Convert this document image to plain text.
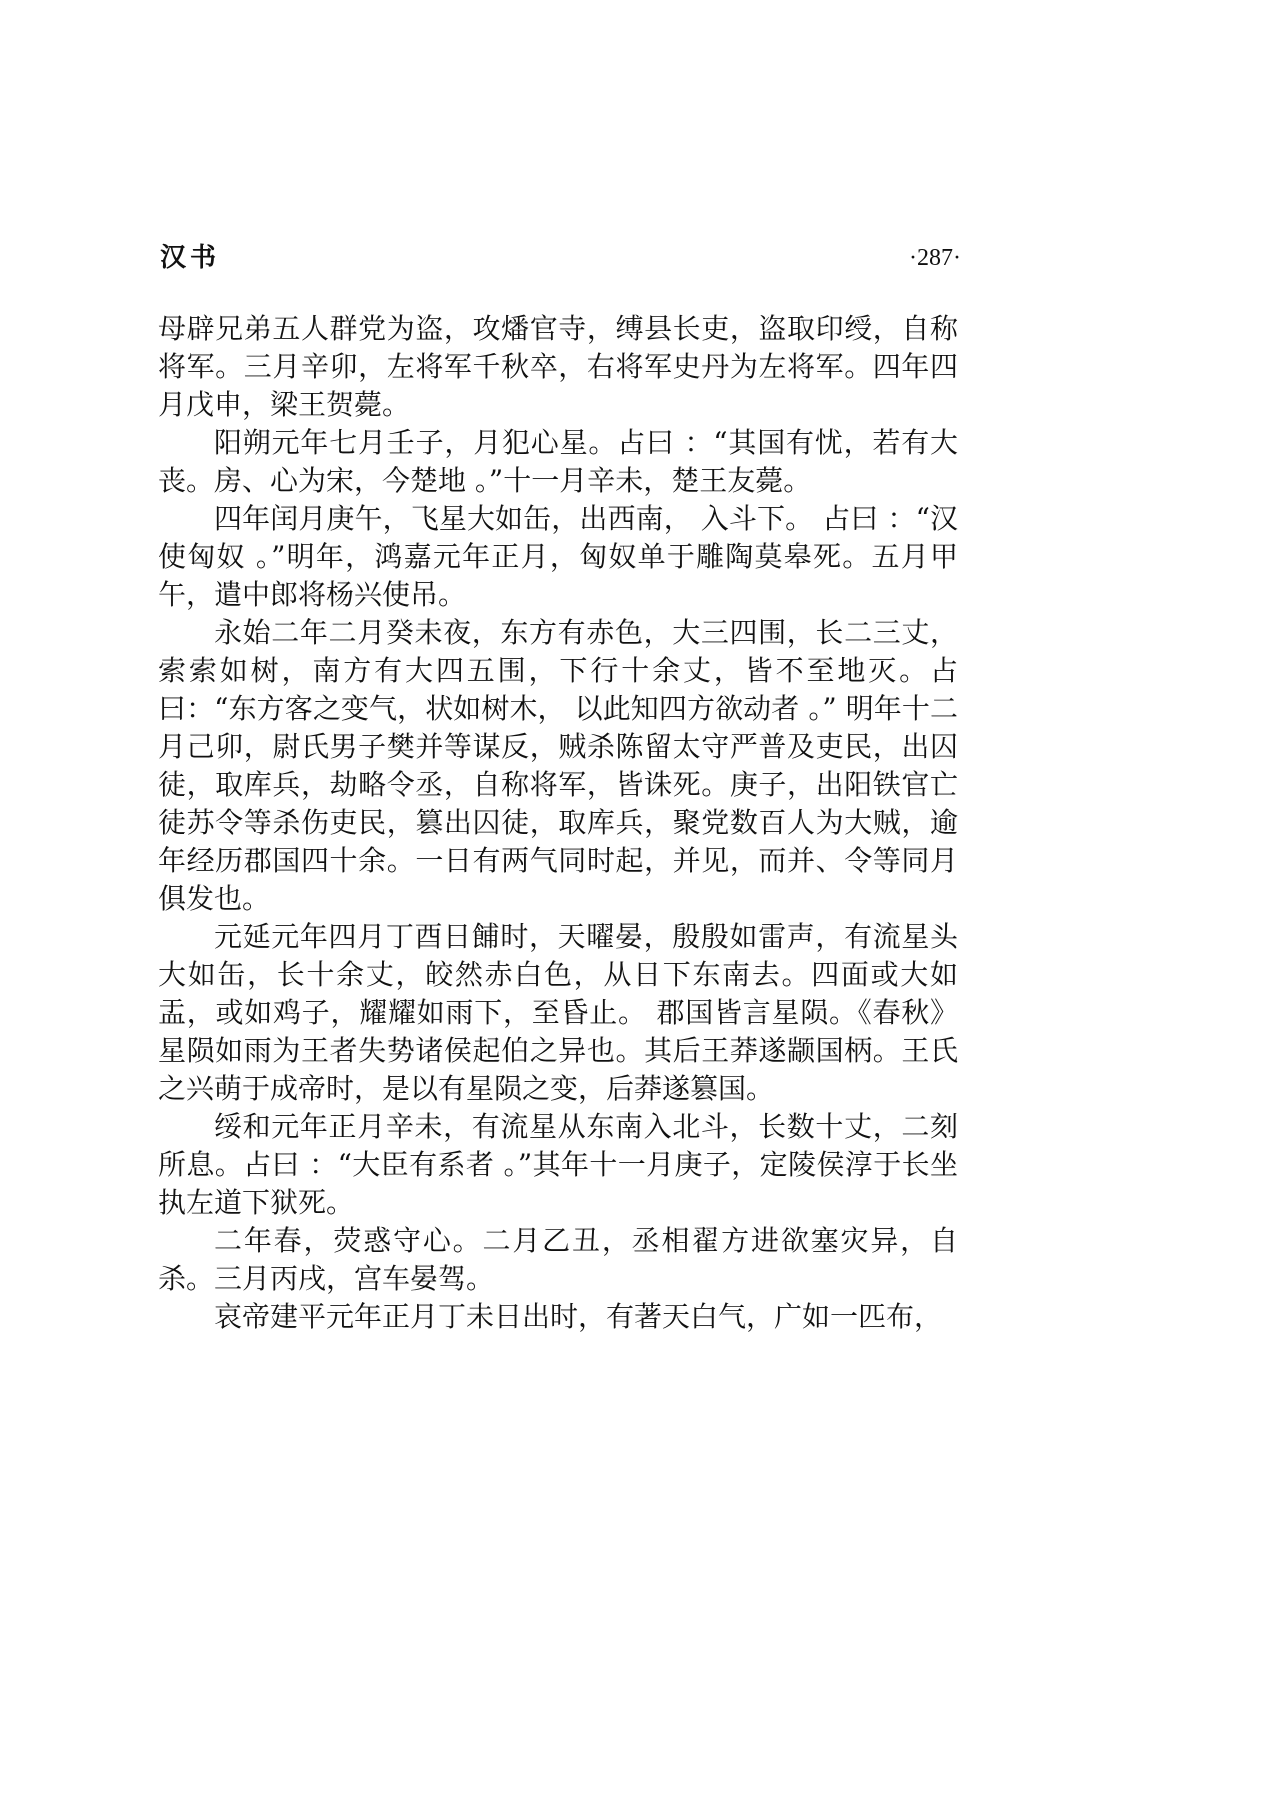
汉书	·287·

母辟兄弟五人群党为盗，攻燔官寺，缚县长吏，盗取印绶，自称将军。三月辛卯，左将军千秋卒，右将军史丹为左将军。四年四月戊申，梁王贺薨。

阳朔元年七月壬子，月犯心星。占曰 ：“其国有忧，若有大丧。房、心为宋，今楚地 。”十一月辛未，楚王友薨。

四年闰月庚午，飞星大如缶，出西南， 入斗下。 占曰 ：“汉使匈奴 。”明年，鸿嘉元年正月，匈奴单于雕陶莫皋死。五月甲午，遣中郎将杨兴使吊。

永始二年二月癸未夜，东方有赤色，大三四围，长二三丈，索索如树，南方有大四五围，下行十余丈，皆不至地灭。占曰：“东方客之变气，状如树木， 以此知四方欲动者 。” 明年十二月己卯，尉氏男子樊并等谋反，贼杀陈留太守严普及吏民，出囚徒，取库兵，劫略令丞，自称将军，皆诛死。庚子，出阳铁官亡徒苏令等杀伤吏民，篡出囚徒，取库兵，聚党数百人为大贼，逾年经历郡国四十余。一日有两气同时起，并见，而并、令等同月俱发也。

元延元年四月丁酉日餔时，天曜晏，殷殷如雷声，有流星头大如缶，长十余丈，皎然赤白色，从日下东南去。四面或大如盂，或如鸡子，耀耀如雨下，至昏止。 郡国皆言星陨。《春秋》星陨如雨为王者失势诸侯起伯之异也。其后王莽遂颛国柄。王氏之兴萌于成帝时，是以有星陨之变，后莽遂篡国。

绥和元年正月辛未，有流星从东南入北斗，长数十丈，二刻所息。占曰 ：“大臣有系者 。”其年十一月庚子，定陵侯淳于长坐执左道下狱死。

二年春，荧惑守心。二月乙丑，丞相翟方进欲塞灾异，自杀。三月丙戌，宫车晏驾。

哀帝建平元年正月丁未日出时，有著天白气，广如一匹布，
